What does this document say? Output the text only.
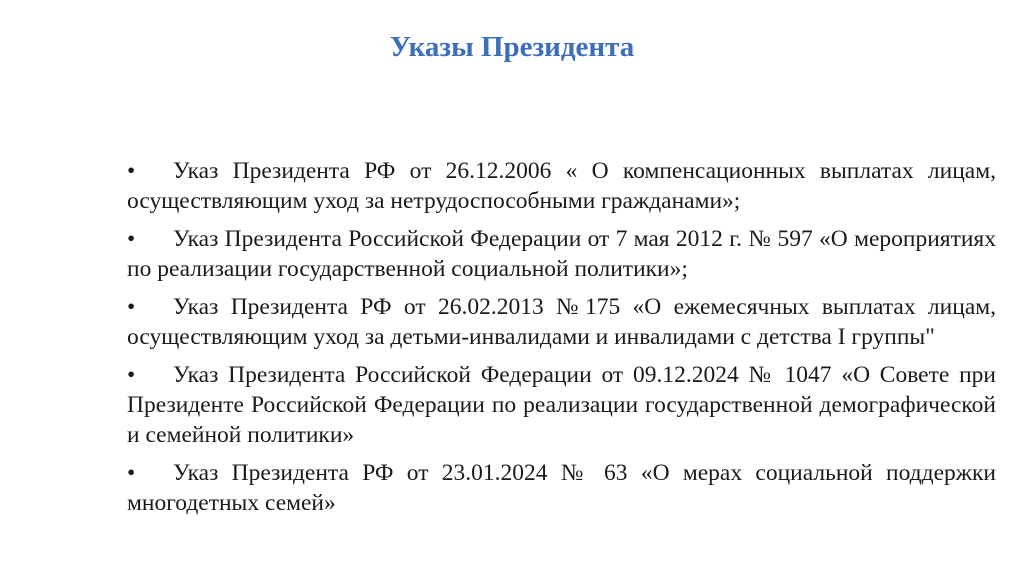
Указы Президента
• Указ Президента РФ от 26.12.2006 « О компенсационных выплатах лицам, осуществляющим уход за нетрудоспособными гражданами»;
• Указ Президента Российской Федерации от 7 мая 2012 г. № 597 «О мероприятиях по реализации государственной социальной политики»;
• Указ Президента РФ от 26.02.2013 №175 «О ежемесячных выплатах лицам, осуществляющим уход за детьми-инвалидами и инвалидами с детства I группы"
• Указ Президента Российской Федерации от 09.12.2024 № 1047 «О Совете при Президенте Российской Федерации по реализации государственной демографической и семейной политики»
• Указ Президента РФ от 23.01.2024 № 63 «О мерах социальной поддержки многодетных семей»
